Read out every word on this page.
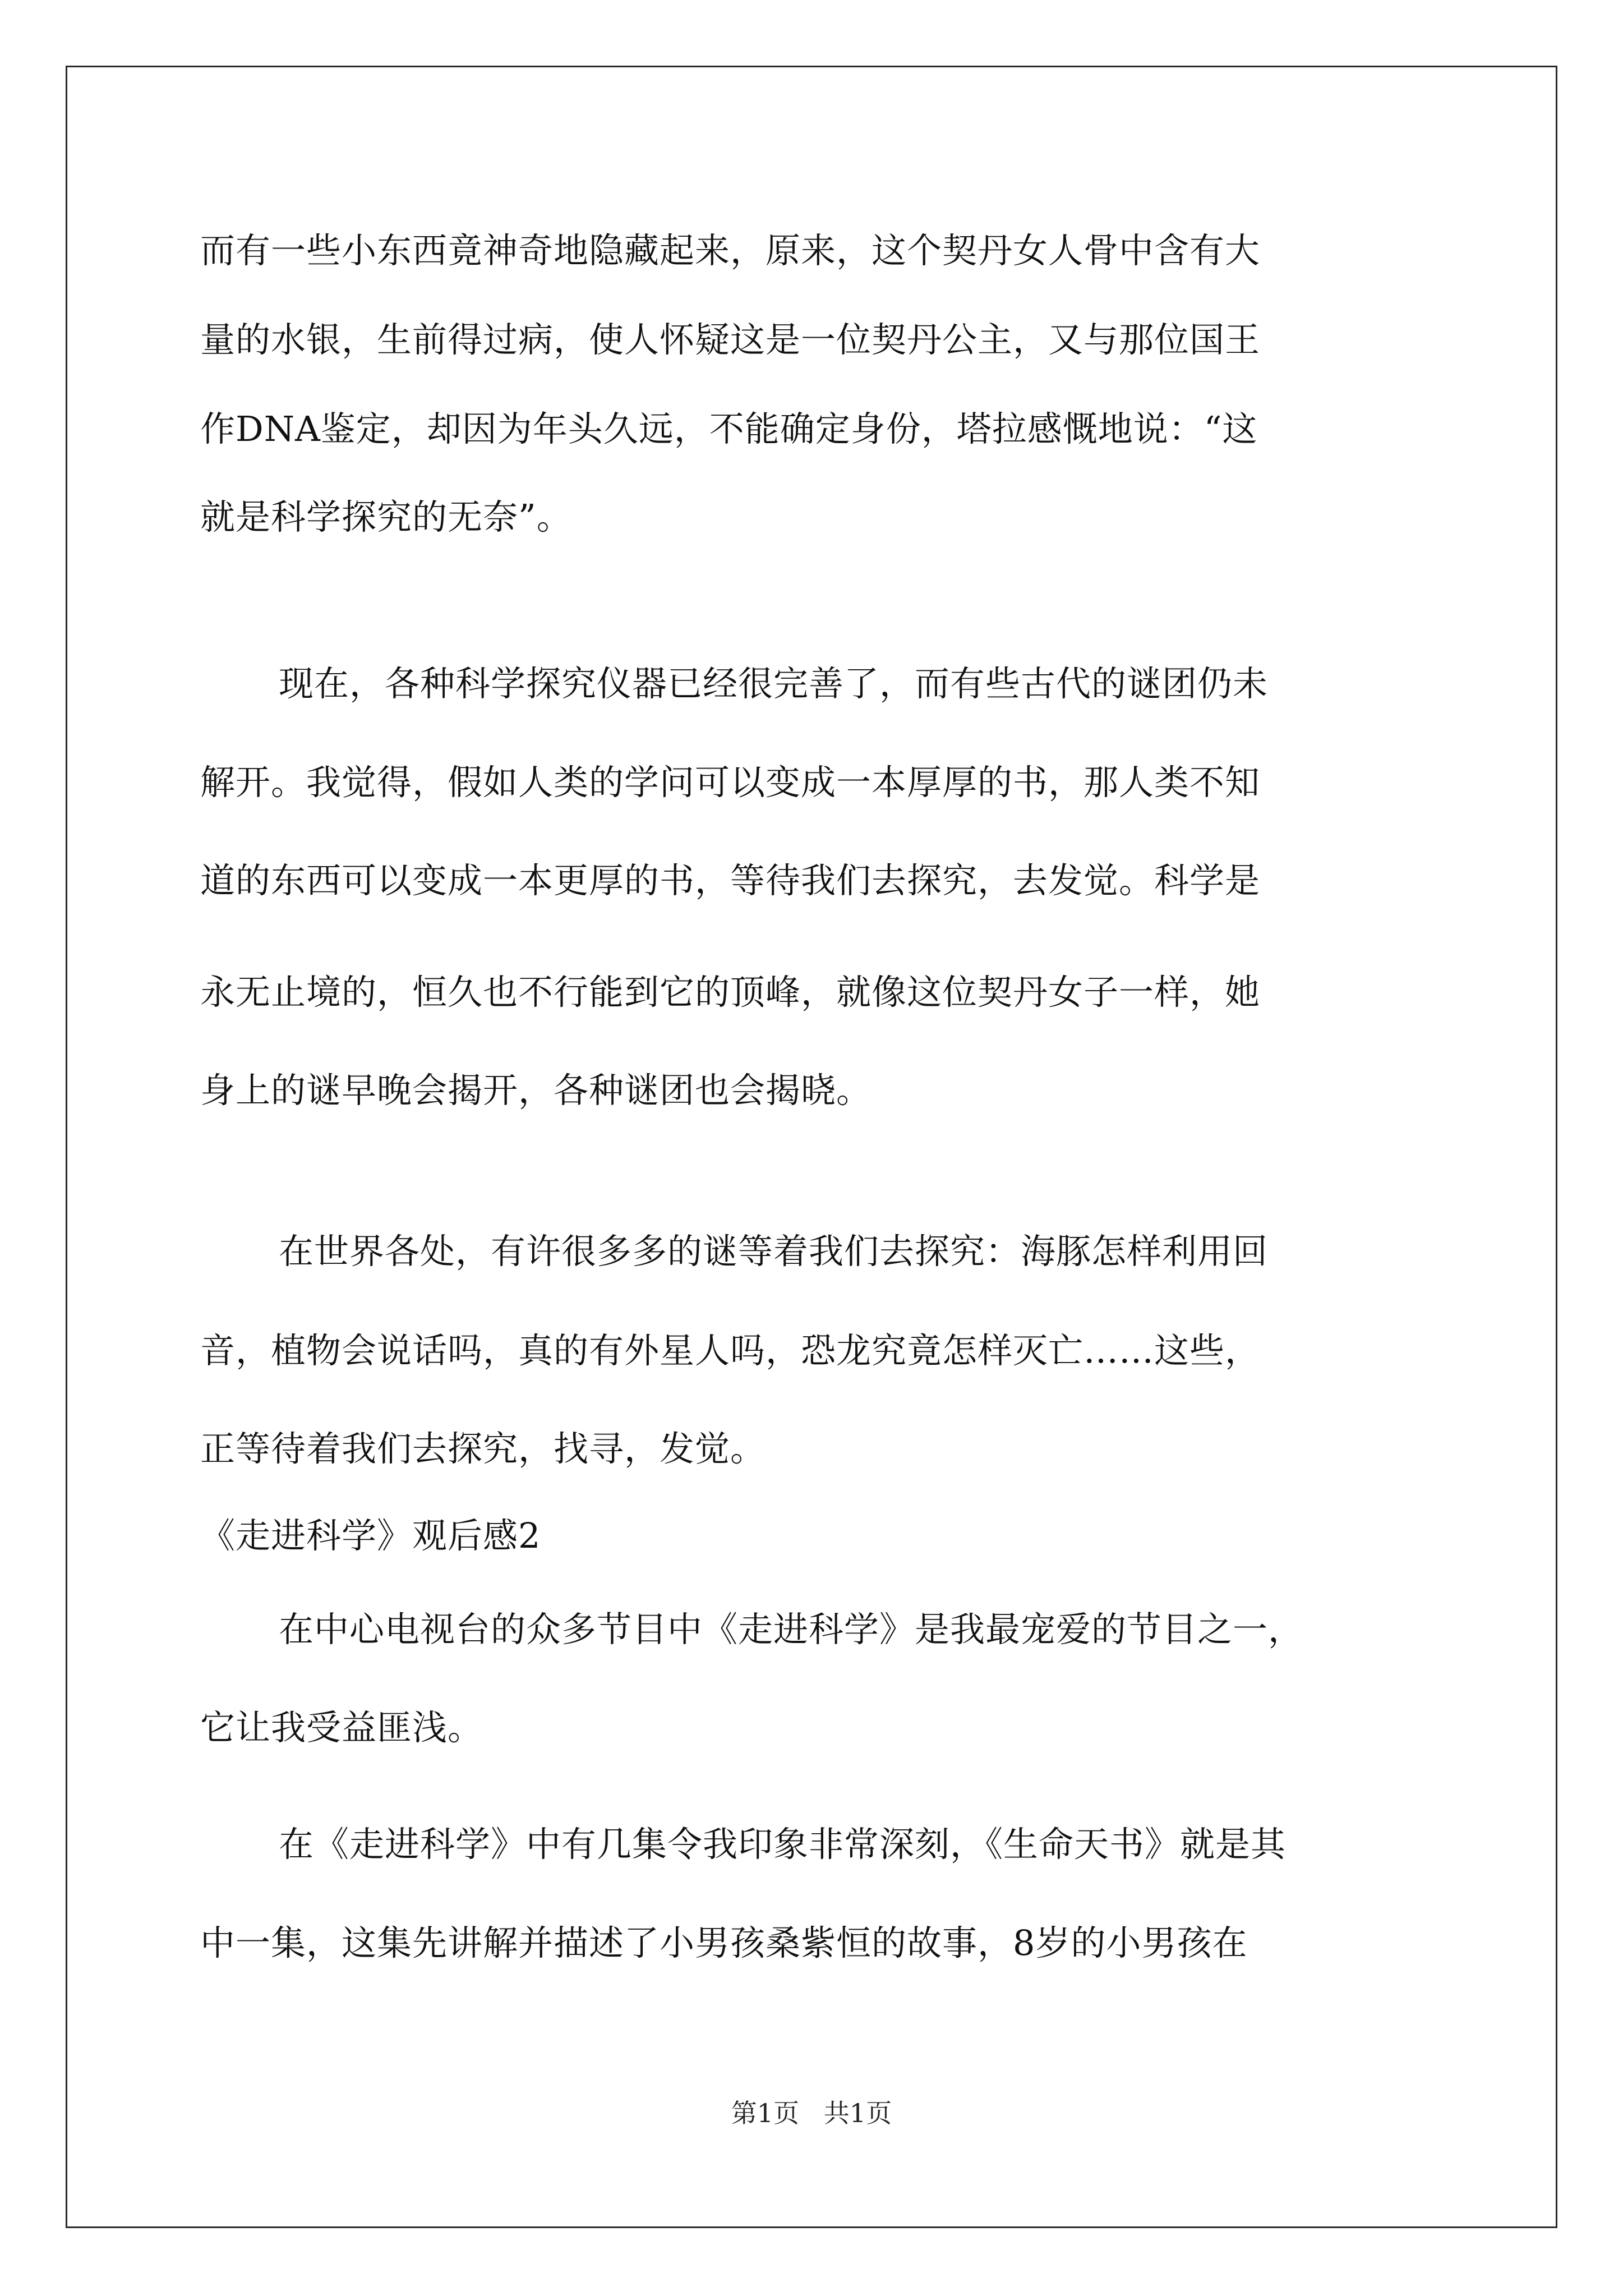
而有一些小东西竟神奇地隐藏起来，原来，这个契丹女人骨中含有大
量的水银，生前得过病，使人怀疑这是一位契丹公主，又与那位国王
作DNA鉴定，却因为年头久远，不能确定身份，塔拉感慨地说：“这
就是科学探究的无奈”。
现在，各种科学探究仪器已经很完善了，而有些古代的谜团仍未
解开。我觉得，假如人类的学问可以变成一本厚厚的书，那人类不知
道的东西可以变成一本更厚的书，等待我们去探究，去发觉。科学是
永无止境的，恒久也不行能到它的顶峰，就像这位契丹女子一样，她
身上的谜早晚会揭开，各种谜团也会揭晓。
在世界各处，有许很多多的谜等着我们去探究：海豚怎样利用回
音，植物会说话吗，真的有外星人吗，恐龙究竟怎样灭亡……这些，
正等待着我们去探究，找寻，发觉。
《走进科学》观后感2
在中心电视台的众多节目中《走进科学》是我最宠爱的节目之一，
它让我受益匪浅。
在《走进科学》中有几集令我印象非常深刻，《生命天书》就是其
中一集，这集先讲解并描述了小男孩桑紫恒的故事，8岁的小男孩在
第1页   共1页
